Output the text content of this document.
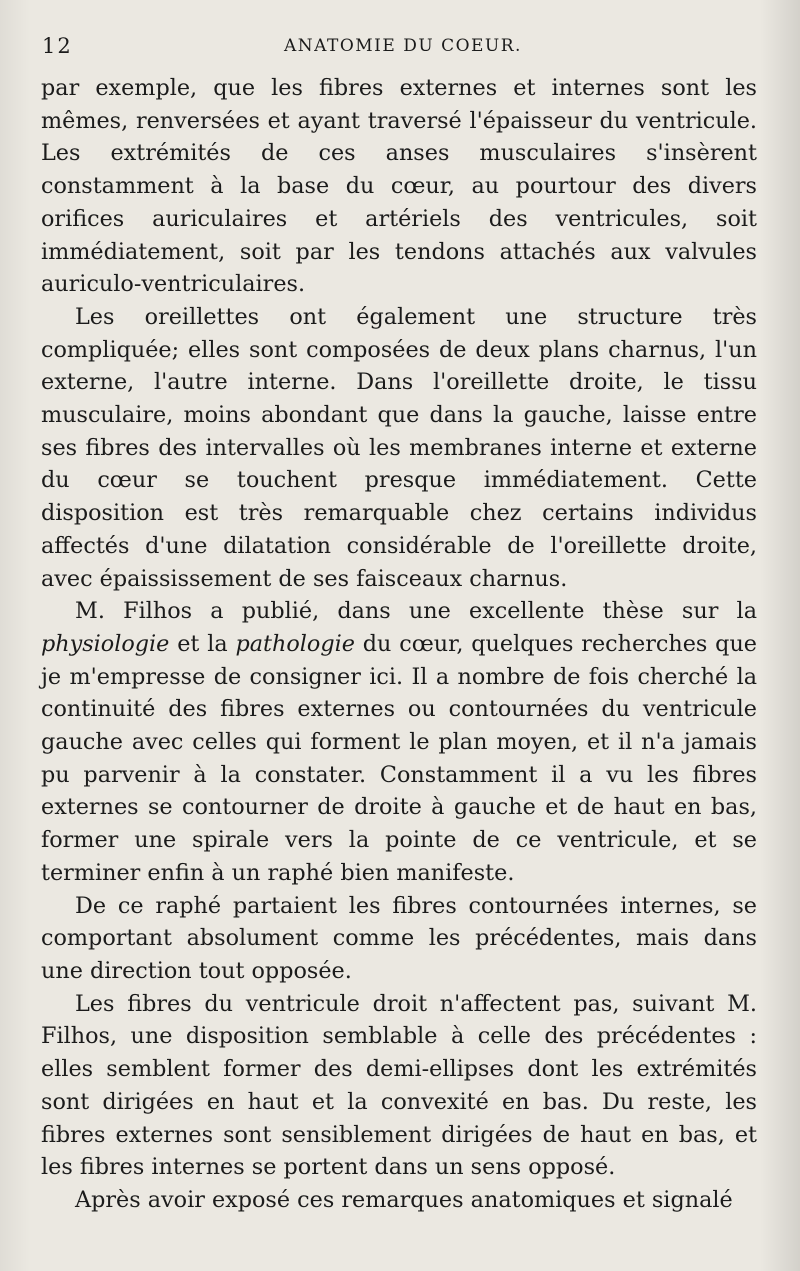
12	ANATOMIE DU COEUR.

par exemple, que les fibres externes et internes sont les mêmes, renversées et ayant traversé l'épaisseur du ventricule. Les extrémités de ces anses musculaires s'insèrent constamment à la base du cœur, au pourtour des divers orifices auriculaires et artériels des ventricules, soit immédiatement, soit par les tendons attachés aux valvules auriculo-ventriculaires.

Les oreillettes ont également une structure très compliquée; elles sont composées de deux plans charnus, l'un externe, l'autre interne. Dans l'oreillette droite, le tissu musculaire, moins abondant que dans la gauche, laisse entre ses fibres des intervalles où les membranes interne et externe du cœur se touchent presque immédiatement. Cette disposition est très remarquable chez certains individus affectés d'une dilatation considérable de l'oreillette droite, avec épaississement de ses faisceaux charnus.

M. Filhos a publié, dans une excellente thèse sur la physiologie et la pathologie du cœur, quelques recherches que je m'empresse de consigner ici. Il a nombre de fois cherché la continuité des fibres externes ou contournées du ventricule gauche avec celles qui forment le plan moyen, et il n'a jamais pu parvenir à la constater. Constamment il a vu les fibres externes se contourner de droite à gauche et de haut en bas, former une spirale vers la pointe de ce ventricule, et se terminer enfin à un raphé bien manifeste.

De ce raphé partaient les fibres contournées internes, se comportant absolument comme les précédentes, mais dans une direction tout opposée.

Les fibres du ventricule droit n'affectent pas, suivant M. Filhos, une disposition semblable à celle des précédentes : elles semblent former des demi-ellipses dont les extrémités sont dirigées en haut et la convexité en bas. Du reste, les fibres externes sont sensiblement dirigées de haut en bas, et les fibres internes se portent dans un sens opposé.

Après avoir exposé ces remarques anatomiques et signalé
